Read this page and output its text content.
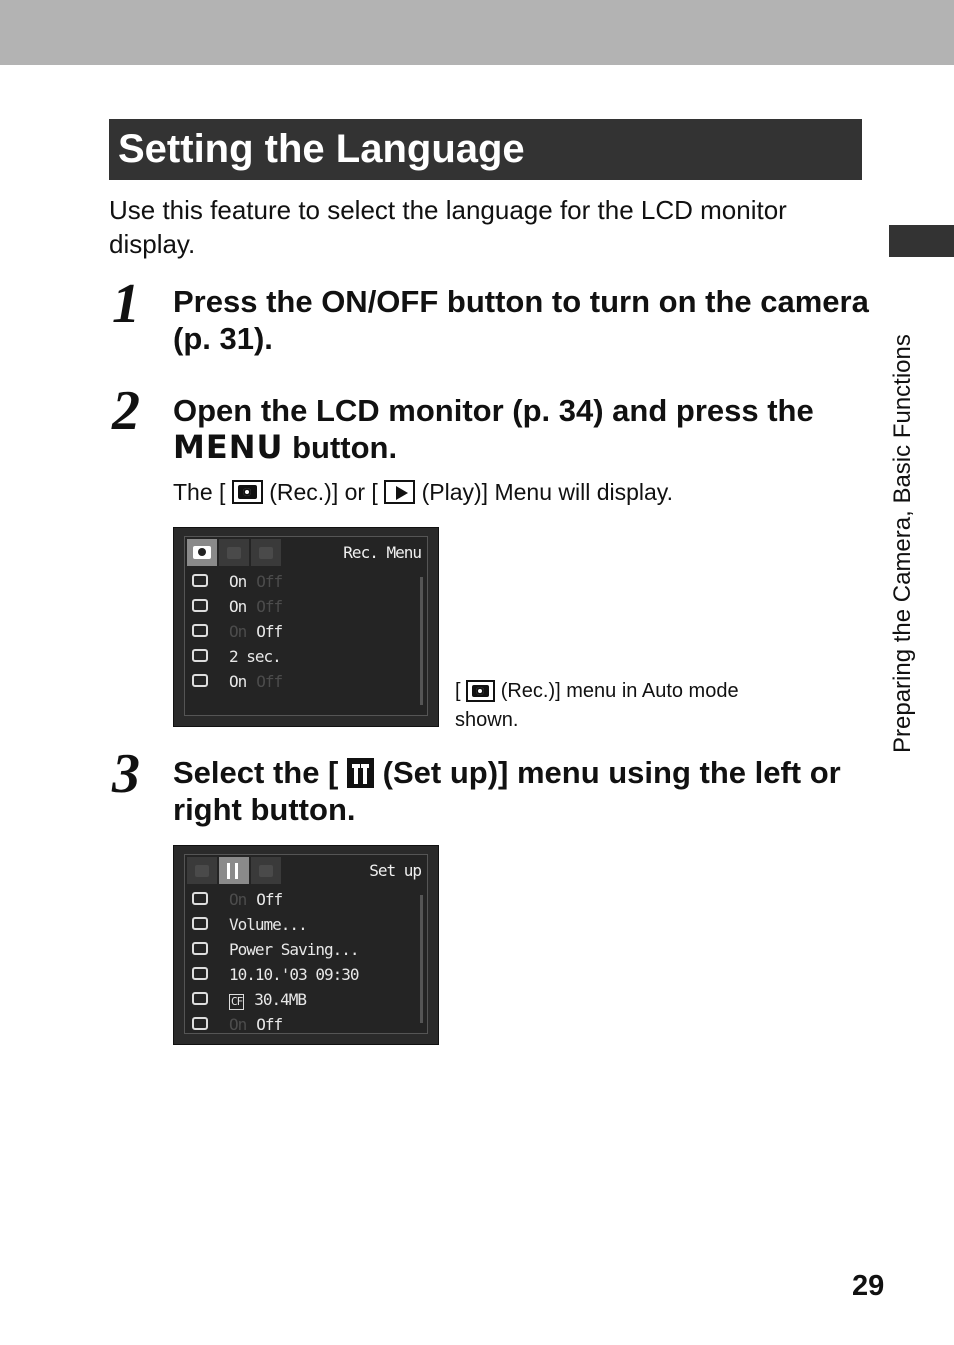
Setting the Language
Use this feature to select the language for the LCD monitor display.
1 Press the ON/OFF button to turn on the camera (p. 31).
2 Open the LCD monitor (p. 34) and press the MENU button.
The [ (Rec.)] or [ (Play)] Menu will display.
Rec. Menu
On Off
On Off
On Off
2 sec.
On Off	[ (Rec.)] menu in Auto mode shown.
3 Select the [ (Set up)] menu using the left or right button.
Set up
On Off
Volume...
Power Saving...
10.10.'03 09:30
CF 30.4MB
On Off
Preparing the Camera, Basic Functions
29
